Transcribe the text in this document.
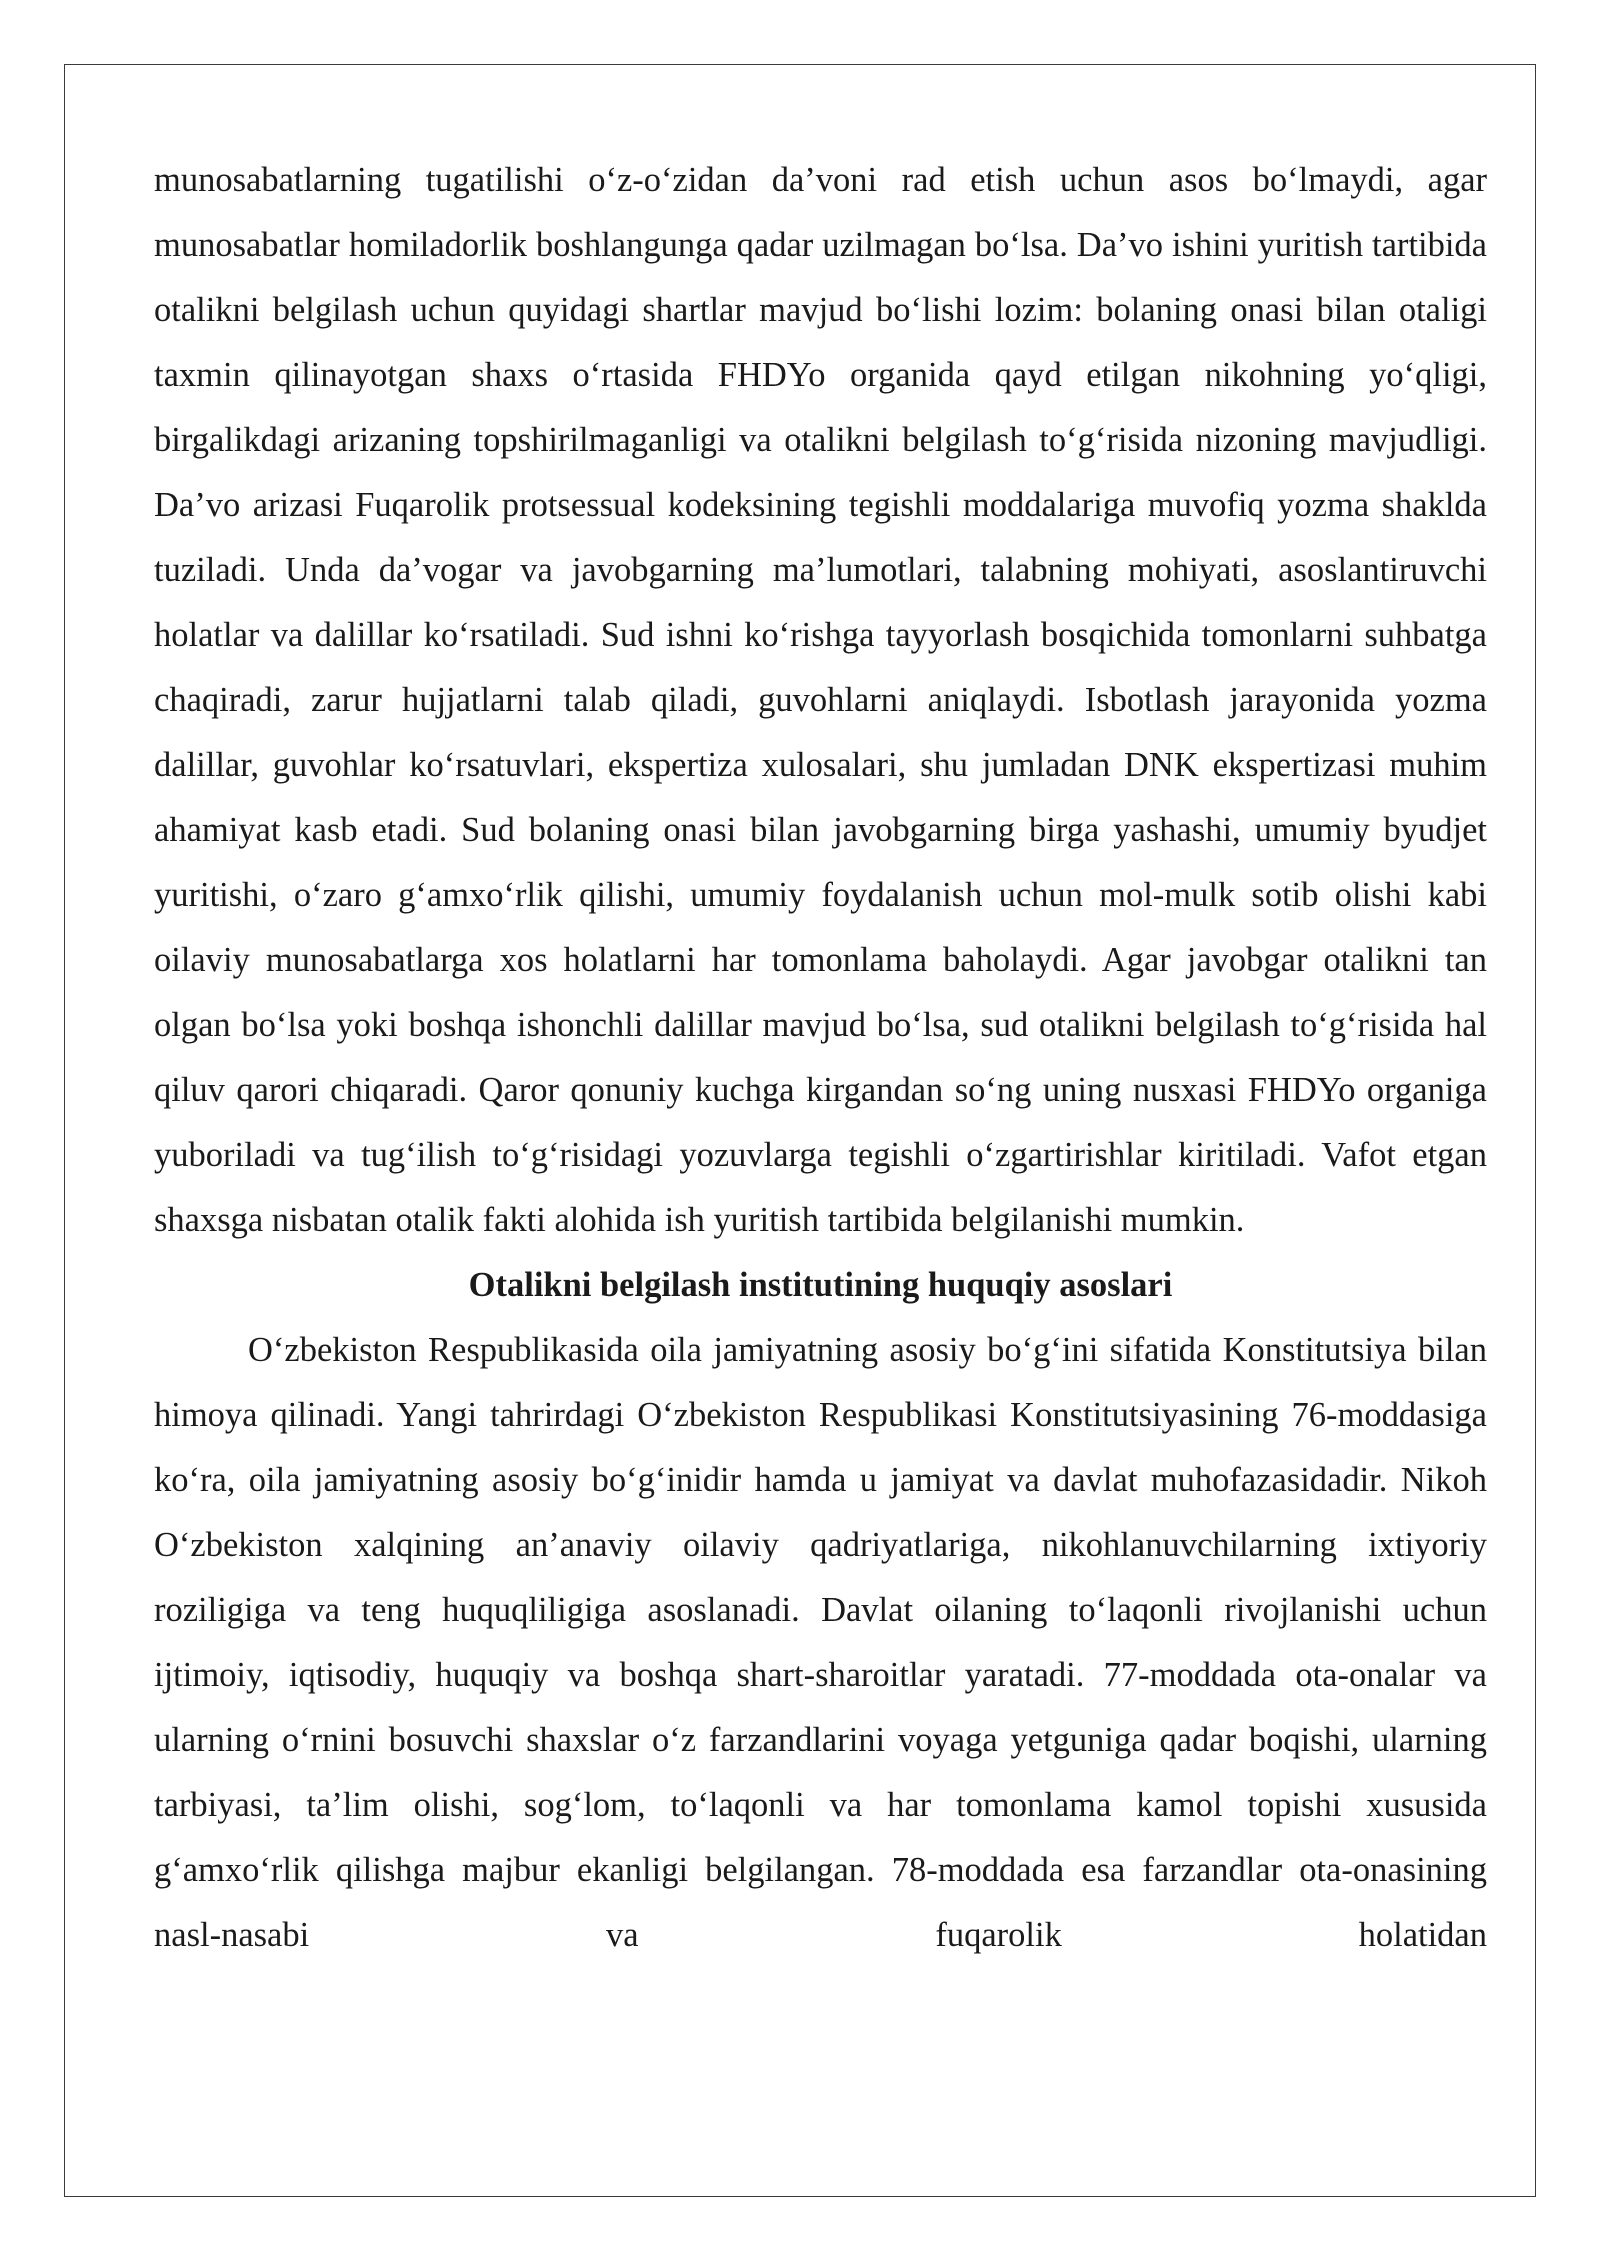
munosabatlarning tugatilishi o‘z-o‘zidan da’voni rad etish uchun asos bo‘lmaydi, agar munosabatlar homiladorlik boshlangunga qadar uzilmagan bo‘lsa. Da’vo ishini yuritish tartibida otalikni belgilash uchun quyidagi shartlar mavjud bo‘lishi lozim: bolaning onasi bilan otaligi taxmin qilinayotgan shaxs o‘rtasida FHDYo organida qayd etilgan nikohning yo‘qligi, birgalikdagi arizaning topshirilmaganligi va otalikni belgilash to‘g‘risida nizoning mavjudligi. Da’vo arizasi Fuqarolik protsessual kodeksining tegishli moddalariga muvofiq yozma shaklda tuziladi. Unda da’vogar va javobgarning ma’lumotlari, talabning mohiyati, asoslantiruvchi holatlar va dalillar ko‘rsatiladi. Sud ishni ko‘rishga tayyorlash bosqichida tomonlarni suhbatga chaqiradi, zarur hujjatlarni talab qiladi, guvohlarni aniqlaydi. Isbotlash jarayonida yozma dalillar, guvohlar ko‘rsatuvlari, ekspertiza xulosalari, shu jumladan DNK ekspertizasi muhim ahamiyat kasb etadi. Sud bolaning onasi bilan javobgarning birga yashashi, umumiy byudjet yuritishi, o‘zaro g‘amxo‘rlik qilishi, umumiy foydalanish uchun mol-mulk sotib olishi kabi oilaviy munosabatlarga xos holatlarni har tomonlama baholaydi. Agar javobgar otalikni tan olgan bo‘lsa yoki boshqa ishonchli dalillar mavjud bo‘lsa, sud otalikni belgilash to‘g‘risida hal qiluv qarori chiqaradi. Qaror qonuniy kuchga kirgandan so‘ng uning nusxasi FHDYo organiga yuboriladi va tug‘ilish to‘g‘risidagi yozuvlarga tegishli o‘zgartirishlar kiritiladi. Vafot etgan shaxsga nisbatan otalik fakti alohida ish yuritish tartibida belgilanishi mumkin.

Otalikni belgilash institutining huquqiy asoslari

O‘zbekiston Respublikasida oila jamiyatning asosiy bo‘g‘ini sifatida Konstitutsiya bilan himoya qilinadi. Yangi tahrirdagi O‘zbekiston Respublikasi Konstitutsiyasining 76-moddasiga ko‘ra, oila jamiyatning asosiy bo‘g‘inidir hamda u jamiyat va davlat muhofazasidadir. Nikoh O‘zbekiston xalqining an’anaviy oilaviy qadriyatlariga, nikohlanuvchilarning ixtiyoriy roziligiga va teng huquqliligiga asoslanadi. Davlat oilaning to‘laqonli rivojlanishi uchun ijtimoiy, iqtisodiy, huquqiy va boshqa shart-sharoitlar yaratadi. 77-moddada ota-onalar va ularning o‘rnini bosuvchi shaxslar o‘z farzandlarini voyaga yetguniga qadar boqishi, ularning tarbiyasi, ta’lim olishi, sog‘lom, to‘laqonli va har tomonlama kamol topishi xususida g‘amxo‘rlik qilishga majbur ekanligi belgilangan. 78-moddada esa farzandlar ota-onasining nasl-nasabi va fuqarolik holatidan
